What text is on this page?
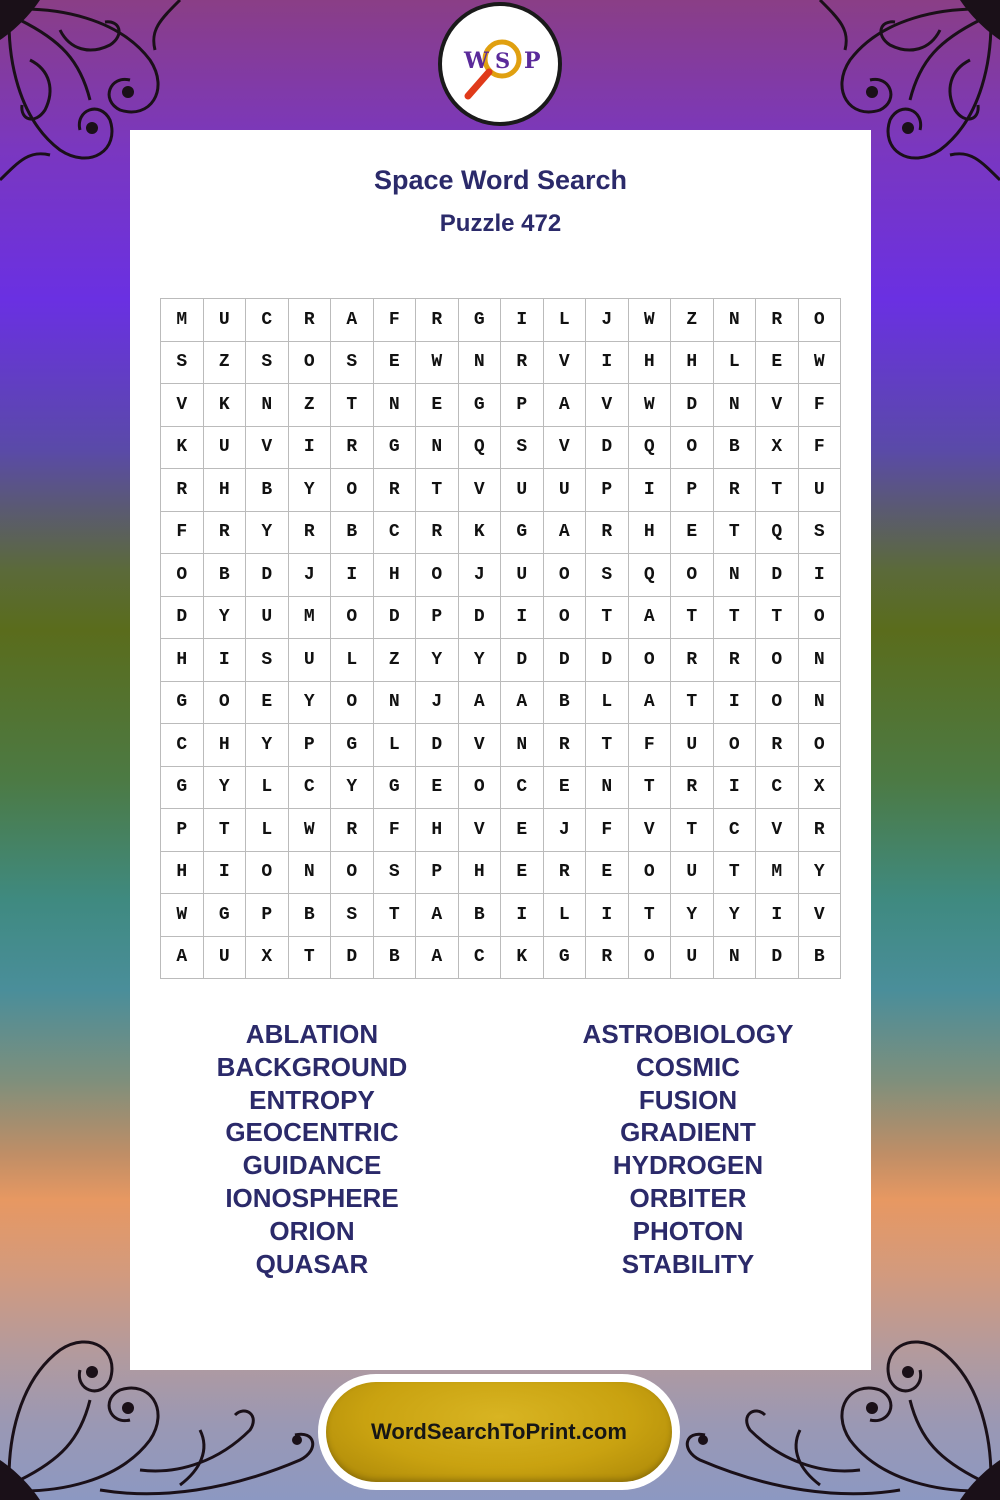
W S P
Space Word Search
Puzzle 472
M	U	C	R	A	F	R	G	I	L	J	W	Z	N	R	O
S	Z	S	O	S	E	W	N	R	V	I	H	H	L	E	W
V	K	N	Z	T	N	E	G	P	A	V	W	D	N	V	F
K	U	V	I	R	G	N	Q	S	V	D	Q	O	B	X	F
R	H	B	Y	O	R	T	V	U	U	P	I	P	R	T	U
F	R	Y	R	B	C	R	K	G	A	R	H	E	T	Q	S
O	B	D	J	I	H	O	J	U	O	S	Q	O	N	D	I
D	Y	U	M	O	D	P	D	I	O	T	A	T	T	T	O
H	I	S	U	L	Z	Y	Y	D	D	D	O	R	R	O	N
G	O	E	Y	O	N	J	A	A	B	L	A	T	I	O	N
C	H	Y	P	G	L	D	V	N	R	T	F	U	O	R	O
G	Y	L	C	Y	G	E	O	C	E	N	T	R	I	C	X
P	T	L	W	R	F	H	V	E	J	F	V	T	C	V	R
H	I	O	N	O	S	P	H	E	R	E	O	U	T	M	Y
W	G	P	B	S	T	A	B	I	L	I	T	Y	Y	I	V
A	U	X	T	D	B	A	C	K	G	R	O	U	N	D	B
ABLATION
BACKGROUND
ENTROPY
GEOCENTRIC
GUIDANCE
IONOSPHERE
ORION
QUASAR
ASTROBIOLOGY
COSMIC
FUSION
GRADIENT
HYDROGEN
ORBITER
PHOTON
STABILITY
WordSearchToPrint.com
